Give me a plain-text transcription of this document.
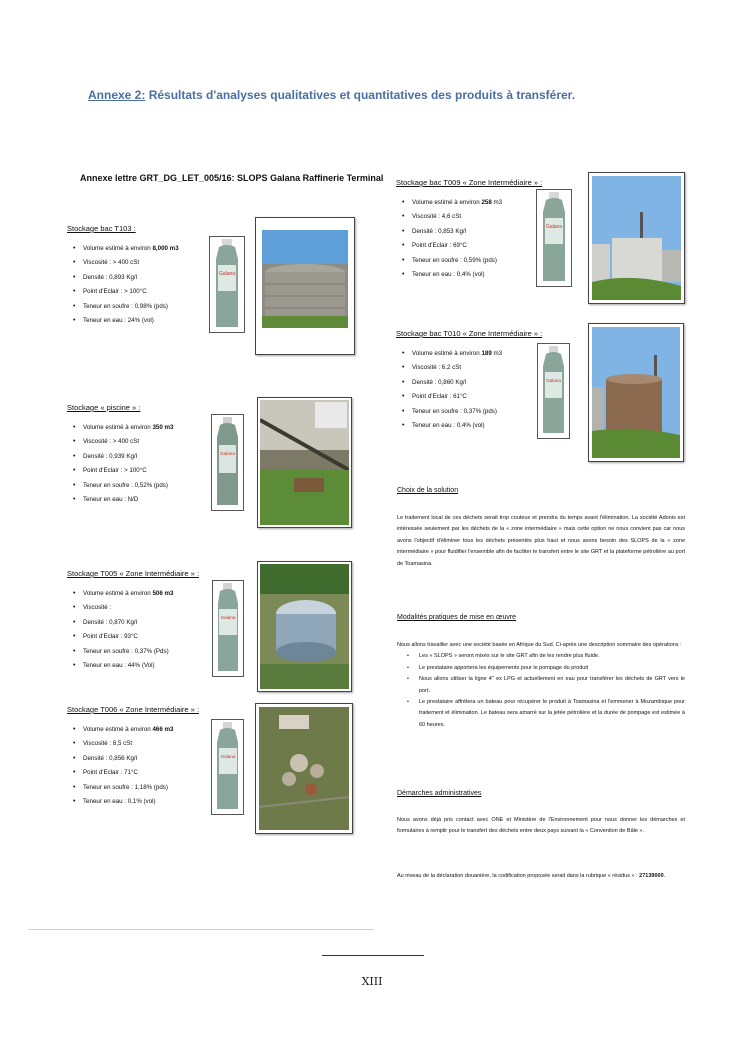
Annexe 2: Résultats d'analyses qualitatives et quantitatives des produits à transférer.
Annexe lettre GRT_DG_LET_005/16: SLOPS Galana Raffinerie Terminal
Stockage bac T103 :
• Volume estimé à environ 8,000 m3
• Viscosité : > 400 cSt
• Densité : 0,893 Kg/l
• Point d'Eclair : > 100°C
• Teneur en soufre : 0,98% (pds)
• Teneur en eau : 24% (vol)
Stockage « piscine » :
• Volume estimé à environ 350 m3
• Viscosité : > 400 cSt
• Densité : 0,939 Kg/l
• Point d'Eclair : > 100°C
• Teneur en soufre : 0,52% (pds)
• Teneur en eau : N/D
Stockage T005 « Zone Intermédiaire » :
• Volume estimé à environ 506 m3
• Viscosité :
• Densité : 0,870 Kg/l
• Point d'Eclair : 93°C
• Teneur en soufre : 0,37% (Pds)
• Teneur en eau : 44% (Vol)
Stockage T006 « Zone Intermédiaire » :
• Volume estimé à environ 466 m3
• Viscosité : 8,5 cSt
• Densité : 0,856 Kg/l
• Point d'Eclair : 71°C
• Teneur en soufre : 1,18% (pds)
• Teneur en eau : 0,1% (vol)
Stockage bac T009 « Zone Intermédiaire » :
• Volume estimé à environ 258 m3
• Viscosité : 4,6 cSt
• Densité : 0,853 Kg/l
• Point d'Eclair : 69°C
• Teneur en soufre : 0,59% (pds)
• Teneur en eau : 0,4% (vol)
Stockage bac T010 « Zone Intermédiaire » :
• Volume estimé à environ 189 m3
• Viscosité : 6,2 cSt
• Densité : 0,860 Kg/l
• Point d'Eclair : 61°C
• Teneur en soufre : 0,37% (pds)
• Teneur en eau : 0,4% (vol)
Galana
Galana
Galana
Galana
Galana
Galana
Choix de la solution
Le traitement local de ces déchets serait trop couteux et prendra du temps avant l'élimination. La société Adonis est intéressée seulement par les déchets de la « zone intermédiaire » mais cette option ne nous convient pas car nous avons l'objectif d'éliminer tous les déchets présentés plus haut et nous avons besoin des SLOPS de la « zone intermédiaire » pour fluidifier l'ensemble afin de faciliter le transfert entre le site GRT et la plateforme pétrolière au port de Toamasina.
Modalités pratiques de mise en œuvre
Nous allons travailler avec une société basée en Afrique du Sud. Ci-après une description sommaire des opérations :
• Les « SLOPS » seront mixés sur le site GRT afin de les rendre plus fluide.
• Le prestataire apportera les équipements pour le pompage du produit
• Nous allons utiliser la ligne 4'' ex LPG et actuellement en eau pour transférer les déchets de GRT vers le port.
• Le prestataire affrètera un bateau pour récupérer le produit à Toamasina et l'emmener à Mozambique pour traitement et élimination. Le bateau sera amarré sur la jetée pétrolière et la durée de pompage est estimée à 60 heures.
Démarches administratives
Nous avons déjà pris contact avec ONE et Ministère de l'Environnement pour nous donner les démarches et formulaires à remplir pour le transfert des déchets entre deux pays suivant la « Convention de Bâle ».
Au niveau de la déclaration douanière, la codification proposée serait dans la rubrique « résidus » : 27139000.
XIII
